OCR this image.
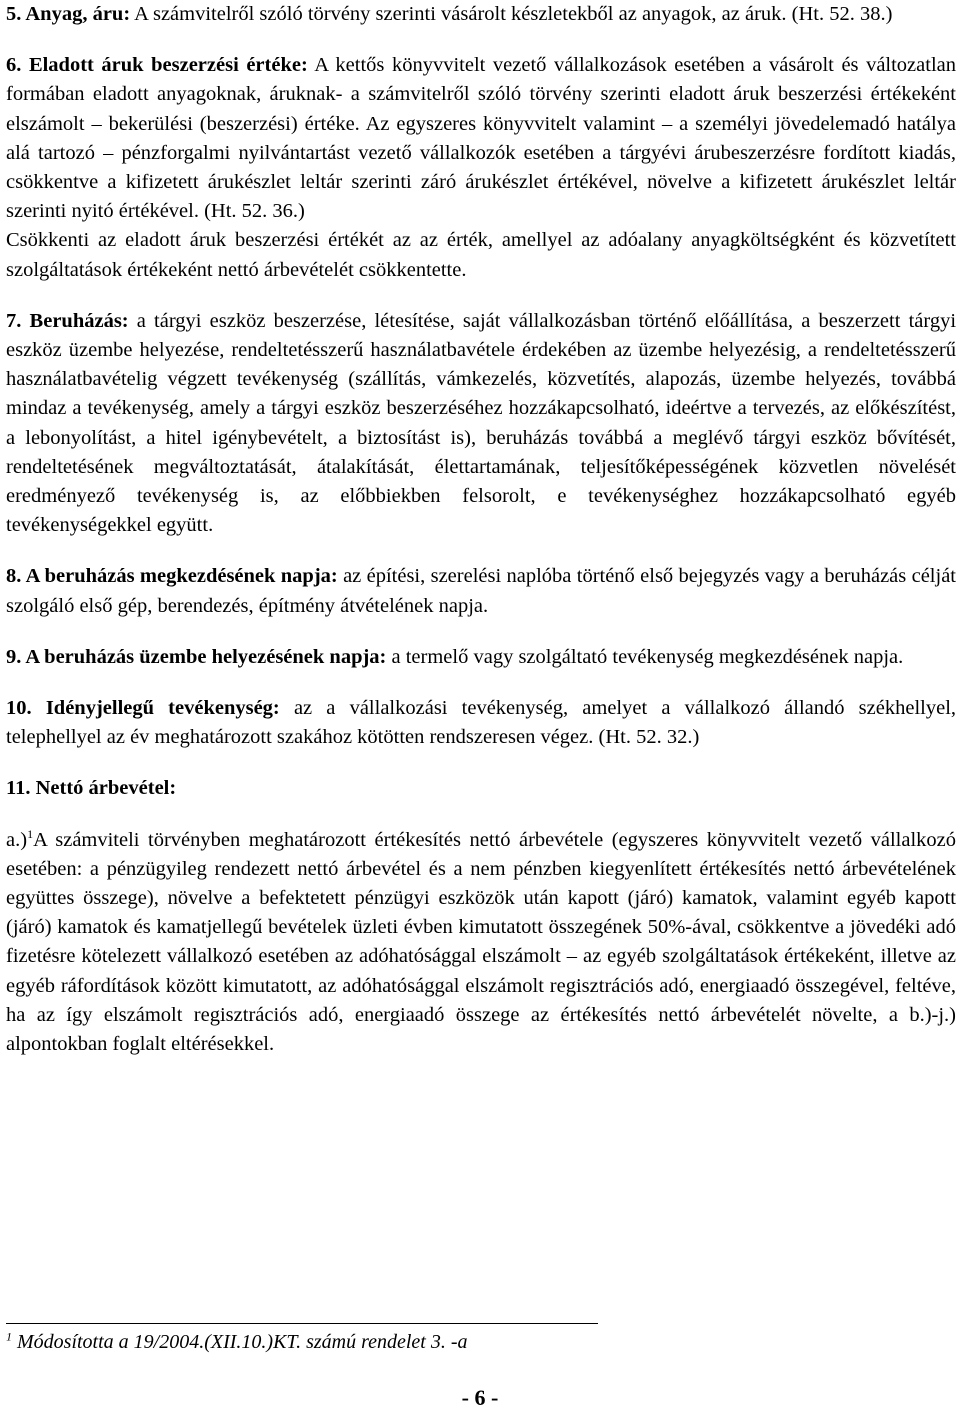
5. Anyag, áru: A számvitelről szóló törvény szerinti vásárolt készletekből az anyagok, az áruk. (Ht. 52. 38.)

6. Eladott áruk beszerzési értéke: A kettős könyvvitelt vezető vállalkozások esetében a vásárolt és változatlan formában eladott anyagoknak, áruknak- a számvitelről szóló törvény szerinti eladott áruk beszerzési értékeként elszámolt – bekerülési (beszerzési) értéke. Az egyszeres könyvvitelt valamint – a személyi jövedelemadó hatálya alá tartozó – pénzforgalmi nyilvántartást vezető vállalkozók esetében a tárgyévi árubeszerzésre fordított kiadás, csökkentve a kifizetett árukészlet leltár szerinti záró árukészlet értékével, növelve a kifizetett árukészlet leltár szerinti nyitó értékével. (Ht. 52. 36.)

Csökkenti az eladott áruk beszerzési értékét az az érték, amellyel az adóalany anyagköltségként és közvetített szolgáltatások értékeként nettó árbevételét csökkentette.

7. Beruházás: a tárgyi eszköz beszerzése, létesítése, saját vállalkozásban történő előállítása, a beszerzett tárgyi eszköz üzembe helyezése, rendeltetésszerű használatbavétele érdekében az üzembe helyezésig, a rendeltetésszerű használatbavételig végzett tevékenység (szállítás, vámkezelés, közvetítés, alapozás, üzembe helyezés, továbbá mindaz a tevékenység, amely a tárgyi eszköz beszerzéséhez hozzákapcsolható, ideértve a tervezés, az előkészítést, a lebonyolítást, a hitel igénybevételt, a biztosítást is), beruházás továbbá a meglévő tárgyi eszköz bővítését, rendeltetésének megváltoztatását, átalakítását, élettartamának, teljesítőképességének közvetlen növelését eredményező tevékenység is, az előbbiekben felsorolt, e tevékenységhez hozzákapcsolható egyéb tevékenységekkel együtt.

8. A beruházás megkezdésének napja: az építési, szerelési naplóba történő első bejegyzés vagy a beruházás célját szolgáló első gép, berendezés, építmény átvételének napja.

9. A beruházás üzembe helyezésének napja: a termelő vagy szolgáltató tevékenység megkezdésének napja.

10. Idényjellegű tevékenység: az a vállalkozási tevékenység, amelyet a vállalkozó állandó székhellyel, telephellyel az év meghatározott szakához kötötten rendszeresen végez. (Ht. 52. 32.)

11. Nettó árbevétel:

a.)$^1$A számviteli törvényben meghatározott értékesítés nettó árbevétele (egyszeres könyvvitelt vezető vállalkozó esetében: a pénzügyileg rendezett nettó árbevétel és a nem pénzben kiegyenlített értékesítés nettó árbevételének együttes összege), növelve a befektetett pénzügyi eszközök után kapott (járó) kamatok, valamint egyéb kapott (járó) kamatok és kamatjellegű bevételek üzleti évben kimutatott összegének 50%-ával, csökkentve a jövedéki adó fizetésre kötelezett vállalkozó esetében az adóhatósággal elszámolt – az egyéb szolgáltatások értékeként, illetve az egyéb ráfordítások között kimutatott, az adóhatósággal elszámolt regisztrációs adó, energiaadó összegével, feltéve, ha az így elszámolt regisztrációs adó, energiaadó összege az értékesítés nettó árbevételét növelte, a b.)-j.) alpontokban foglalt eltérésekkel.

$^1$ Módosította a 19/2004.(XII.10.)KT. számú rendelet 3. -a
- 6 -
